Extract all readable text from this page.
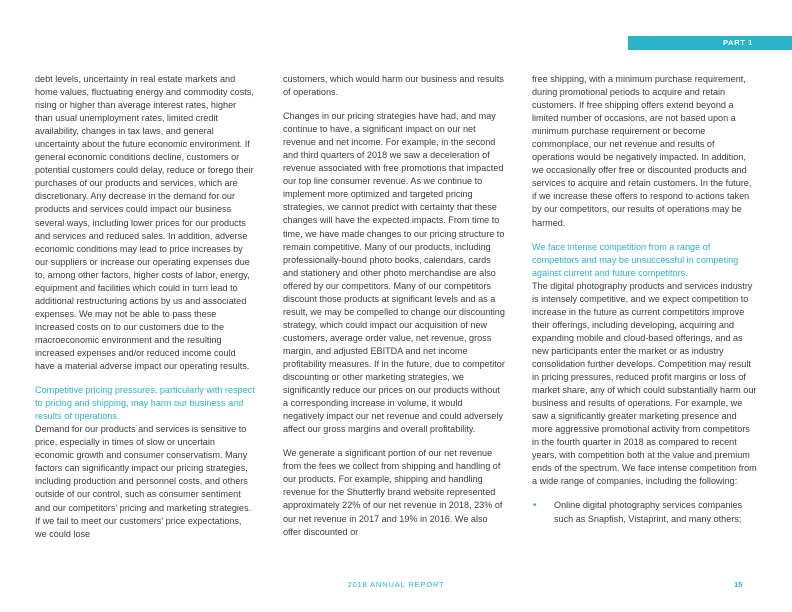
PART 1

debt levels, uncertainty in real estate markets and home values, fluctuating energy and commodity costs, rising or higher than average interest rates, higher than usual unemployment rates, limited credit availability, changes in tax laws, and general uncertainty about the future economic environment. If general economic conditions decline, customers or potential customers could delay, reduce or forego their purchases of our products and services, which are discretionary. Any decrease in the demand for our products and services could impact our business several ways, including lower prices for our products and services and reduced sales. In addition, adverse economic conditions may lead to price increases by our suppliers or increase our operating expenses due to, among other factors, higher costs of labor, energy, equipment and facilities which could in turn lead to additional restructuring actions by us and associated expenses. We may not be able to pass these increased costs on to our customers due to the macroeconomic environment and the resulting increased expenses and/or reduced income could have a material adverse impact our operating results.

Competitive pricing pressures, particularly with respect to pricing and shipping, may harm our business and results of operations.

Demand for our products and services is sensitive to price, especially in times of slow or uncertain economic growth and consumer conservatism. Many factors can significantly impact our pricing strategies, including production and personnel costs, and others outside of our control, such as consumer sentiment and our competitors' pricing and marketing strategies. If we fail to meet our customers' price expectations, we could lose

customers, which would harm our business and results of operations.

Changes in our pricing strategies have had, and may continue to have, a significant impact on our net revenue and net income. For example, in the second and third quarters of 2018 we saw a deceleration of revenue associated with free promotions that impacted our top line consumer revenue. As we continue to implement more optimized and targeted pricing strategies, we cannot predict with certainty that these changes will have the expected impacts. From time to time, we have made changes to our pricing structure to remain competitive. Many of our products, including professionally-bound photo books, calendars, cards and stationery and other photo merchandise are also offered by our competitors. Many of our competitors discount those products at significant levels and as a result, we may be compelled to change our discounting strategy, which could impact our acquisition of new customers, average order value, net revenue, gross margin, and adjusted EBITDA and net income profitability measures. If in the future, due to competitor discounting or other marketing strategies, we significantly reduce our prices on our products without a corresponding increase in volume, it would negatively impact our net revenue and could adversely affect our gross margins and overall profitability.

We generate a significant portion of our net revenue from the fees we collect from shipping and handling of our products. For example, shipping and handling revenue for the Shutterfly brand website represented approximately 22% of our net revenue in 2018, 23% of our net revenue in 2017 and 19% in 2016. We also offer discounted or

free shipping, with a minimum purchase requirement, during promotional periods to acquire and retain customers. If free shipping offers extend beyond a limited number of occasions, are not based upon a minimum purchase requirement or become commonplace, our net revenue and results of operations would be negatively impacted. In addition, we occasionally offer free or discounted products and services to acquire and retain customers. In the future, if we increase these offers to respond to actions taken by our competitors, our results of operations may be harmed.

We face intense competition from a range of competitors and may be unsuccessful in competing against current and future competitors.

The digital photography products and services industry is intensely competitive, and we expect competition to increase in the future as current competitors improve their offerings, including developing, acquiring and expanding mobile and cloud-based offerings, and as new participants enter the market or as industry consolidation further develops. Competition may result in pricing pressures, reduced profit margins or loss of market share, any of which could substantially harm our business and results of operations. For example, we saw a significantly greater marketing presence and more aggressive promotional activity from competitors in the fourth quarter in 2018 as compared to recent years, with competition both at the value and premium ends of the spectrum. We face intense competition from a wide range of companies, including the following:

• Online digital photography services companies such as Snapfish, Vistaprint, and many others;
2018 ANNUAL REPORT	15
